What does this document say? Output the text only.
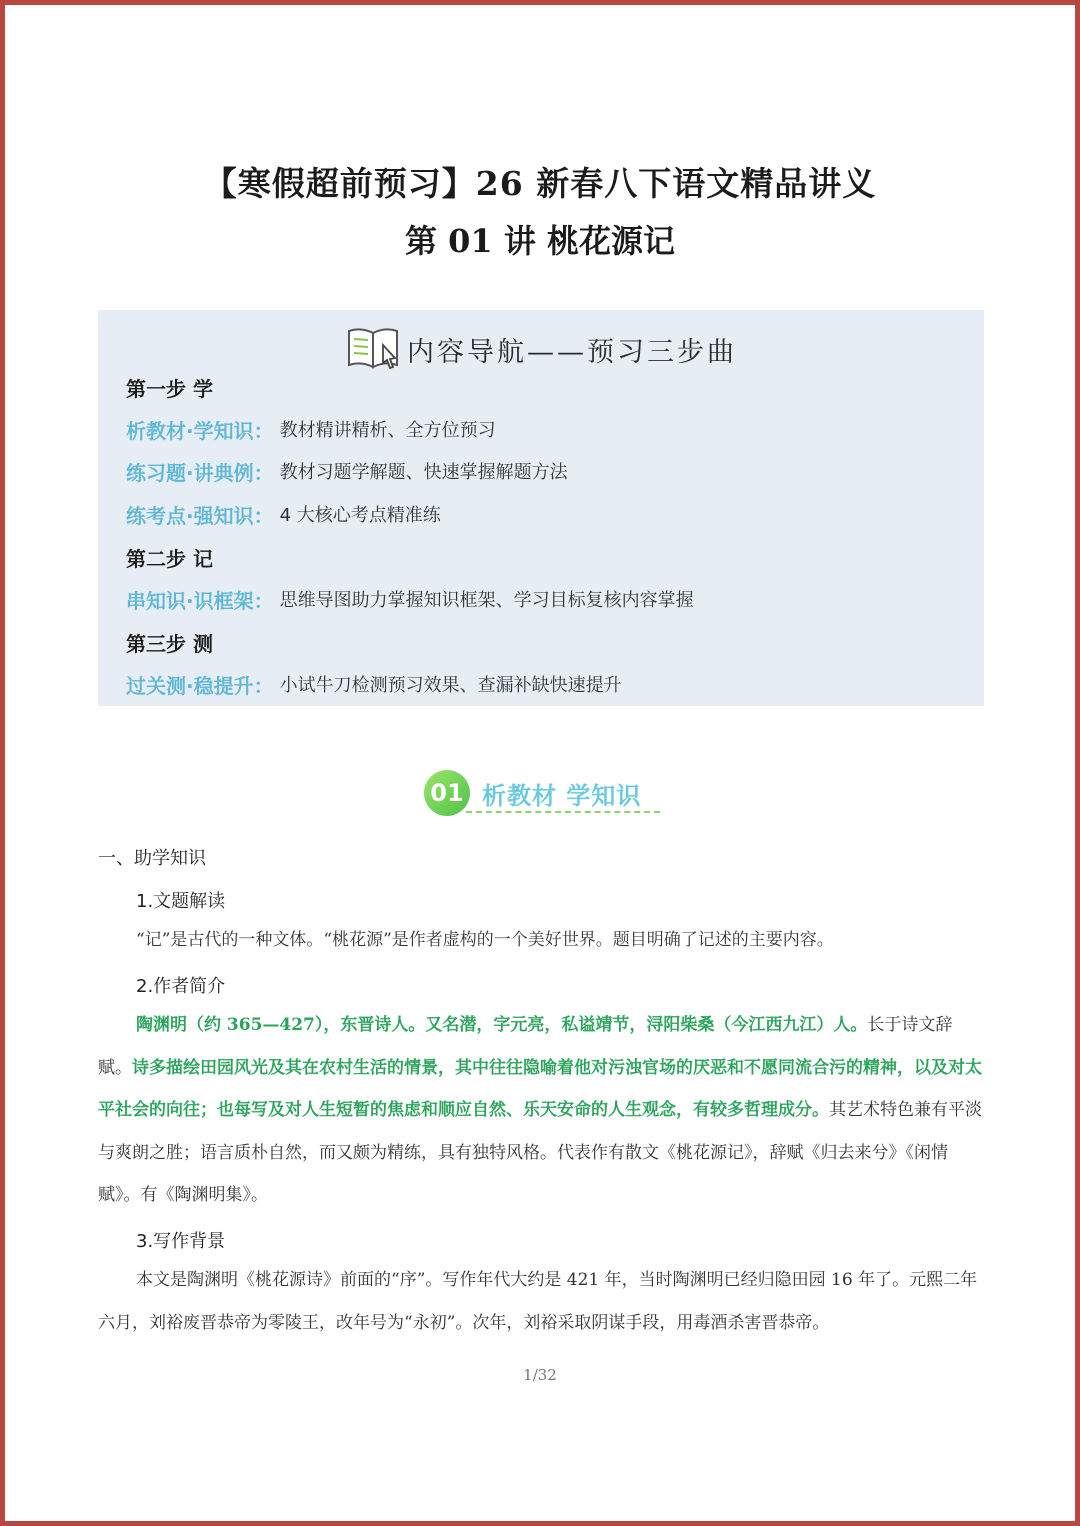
【寒假超前预习】26 新春八下语文精品讲义
第 01 讲 桃花源记
内容导航——预习三步曲
第一步 学
析教材·学知识： 教材精讲精析、全方位预习
练习题·讲典例： 教材习题学解题、快速掌握解题方法
练考点·强知识： 4 大核心考点精准练
第二步 记
串知识·识框架： 思维导图助力掌握知识框架、学习目标复核内容掌握
第三步 测
过关测·稳提升： 小试牛刀检测预习效果、查漏补缺快速提升
01 析教材 学知识
一、助学知识
1.文题解读
“记”是古代的一种文体。“桃花源”是作者虚构的一个美好世界。题目明确了记述的主要内容。
2.作者简介
陶渊明（约 365—427），东晋诗人。又名潜，字元亮，私谥靖节，浔阳柴桑（今江西九江）人。长于诗文辞赋。诗多描绘田园风光及其在农村生活的情景，其中往往隐喻着他对污浊官场的厌恶和不愿同流合污的精神，以及对太平社会的向往；也每写及对人生短暂的焦虑和顺应自然、乐天安命的人生观念，有较多哲理成分。其艺术特色兼有平淡与爽朗之胜；语言质朴自然，而又颇为精练，具有独特风格。代表作有散文《桃花源记》，辞赋《归去来兮》《闲情赋》。有《陶渊明集》。
3.写作背景
本文是陶渊明《桃花源诗》前面的“序”。写作年代大约是 421 年，当时陶渊明已经归隐田园 16 年了。元熙二年六月，刘裕废晋恭帝为零陵王，改年号为“永初”。次年，刘裕采取阴谋手段，用毒酒杀害晋恭帝。
1/32
